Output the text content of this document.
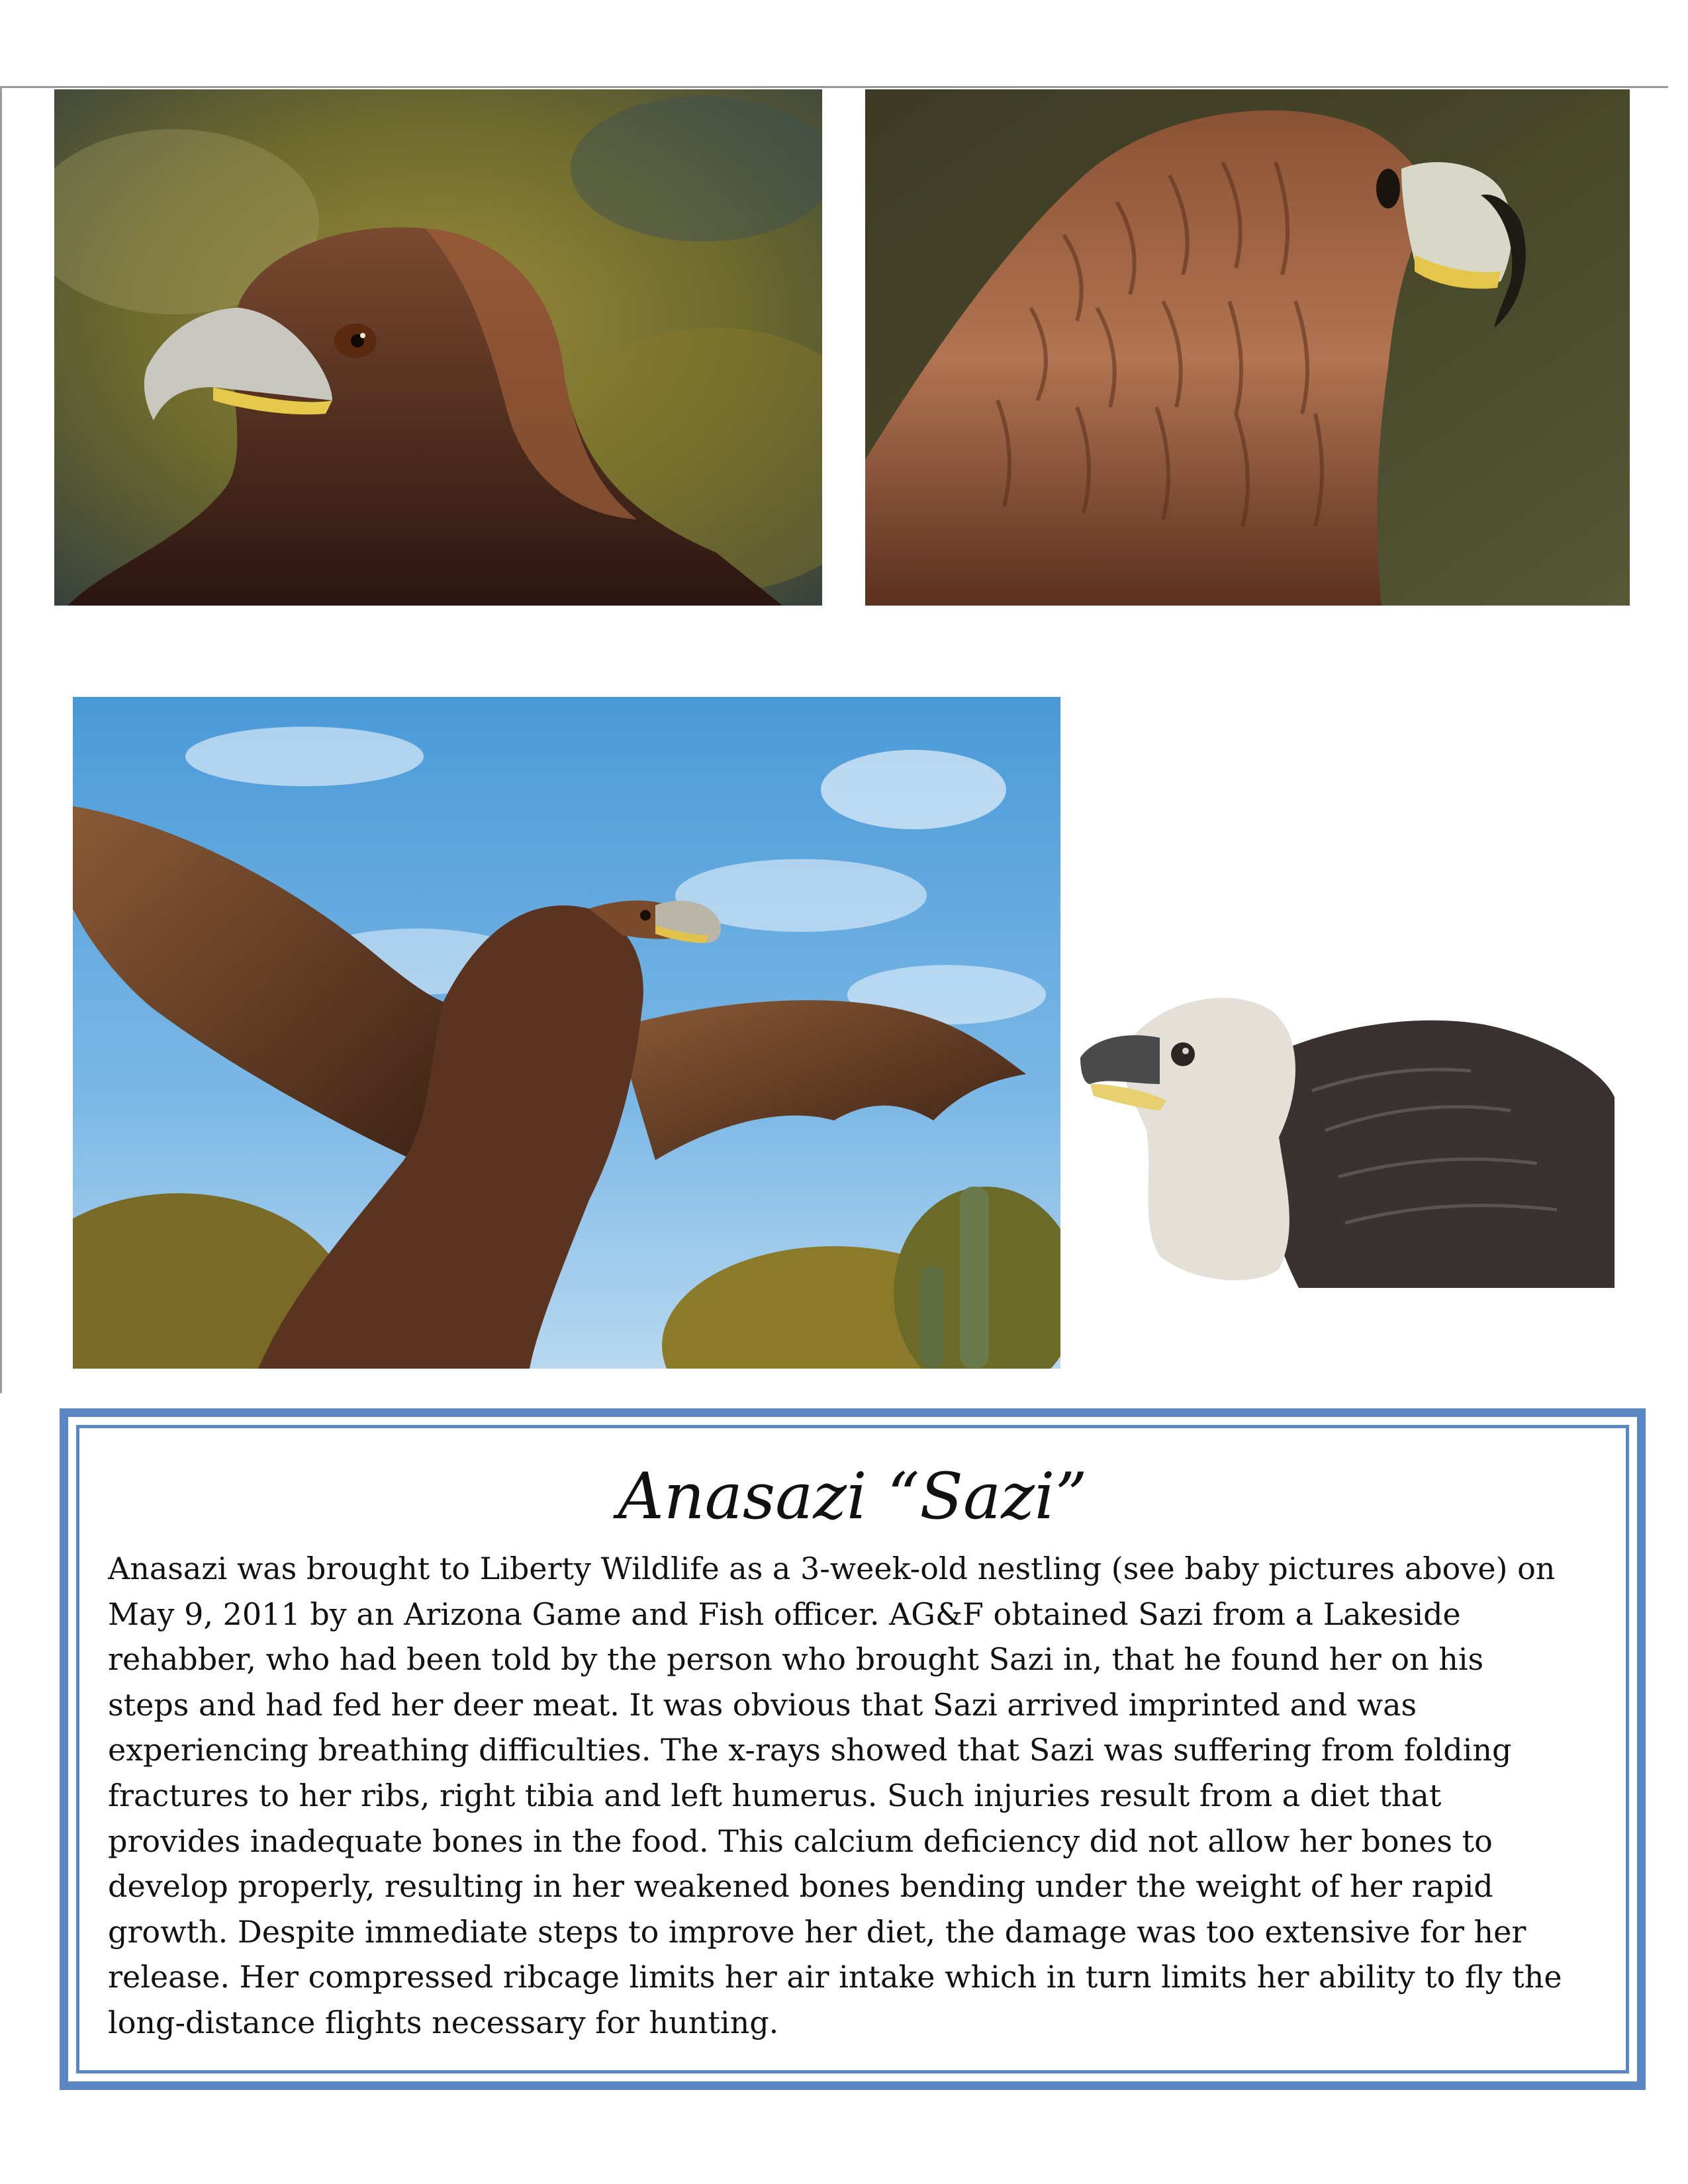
Anasazi “Sazi”

Anasazi was brought to Liberty Wildlife as a 3-week-old nestling (see baby pictures above) on
May 9, 2011 by an Arizona Game and Fish officer. AG&F obtained Sazi from a Lakeside
rehabber, who had been told by the person who brought Sazi in, that he found her on his
steps and had fed her deer meat. It was obvious that Sazi arrived imprinted and was
experiencing breathing difficulties. The x-rays showed that Sazi was suffering from folding
fractures to her ribs, right tibia and left humerus. Such injuries result from a diet that
provides inadequate bones in the food. This calcium deficiency did not allow her bones to
develop properly, resulting in her weakened bones bending under the weight of her rapid
growth. Despite immediate steps to improve her diet, the damage was too extensive for her
release. Her compressed ribcage limits her air intake which in turn limits her ability to fly the
long-distance flights necessary for hunting.
